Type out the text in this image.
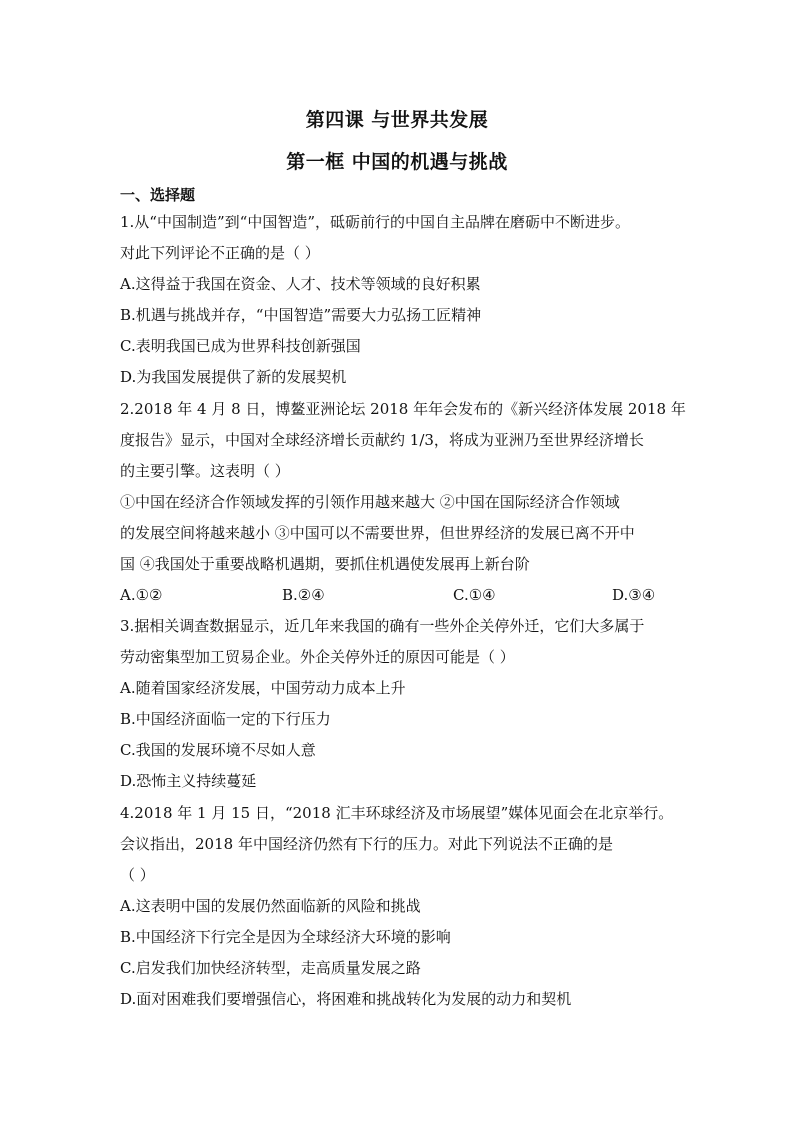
第四课 与世界共发展
第一框 中国的机遇与挑战
一、选择题
1.从“中国制造”到“中国智造”，砥砺前行的中国自主品牌在磨砺中不断进步。
对此下列评论不正确的是（ ）
A.这得益于我国在资金、人才、技术等领域的良好积累
B.机遇与挑战并存，“中国智造”需要大力弘扬工匠精神
C.表明我国已成为世界科技创新强国
D.为我国发展提供了新的发展契机
2.2018 年 4 月 8 日，博鳌亚洲论坛 2018 年年会发布的《新兴经济体发展 2018 年
度报告》显示，中国对全球经济增长贡献约 1/3，将成为亚洲乃至世界经济增长
的主要引擎。这表明（ ）
①中国在经济合作领域发挥的引领作用越来越大 ②中国在国际经济合作领域
的发展空间将越来越小 ③中国可以不需要世界，但世界经济的发展已离不开中
国 ④我国处于重要战略机遇期，要抓住机遇使发展再上新台阶
A.①②	B.②④	C.①④	D.③④
3.据相关调查数据显示，近几年来我国的确有一些外企关停外迁，它们大多属于
劳动密集型加工贸易企业。外企关停外迁的原因可能是（ ）
A.随着国家经济发展，中国劳动力成本上升
B.中国经济面临一定的下行压力
C.我国的发展环境不尽如人意
D.恐怖主义持续蔓延
4.2018 年 1 月 15 日，“2018 汇丰环球经济及市场展望”媒体见面会在北京举行。
会议指出，2018 年中国经济仍然有下行的压力。对此下列说法不正确的是
（ ）
A.这表明中国的发展仍然面临新的风险和挑战
B.中国经济下行完全是因为全球经济大环境的影响
C.启发我们加快经济转型，走高质量发展之路
D.面对困难我们要增强信心，将困难和挑战转化为发展的动力和契机
